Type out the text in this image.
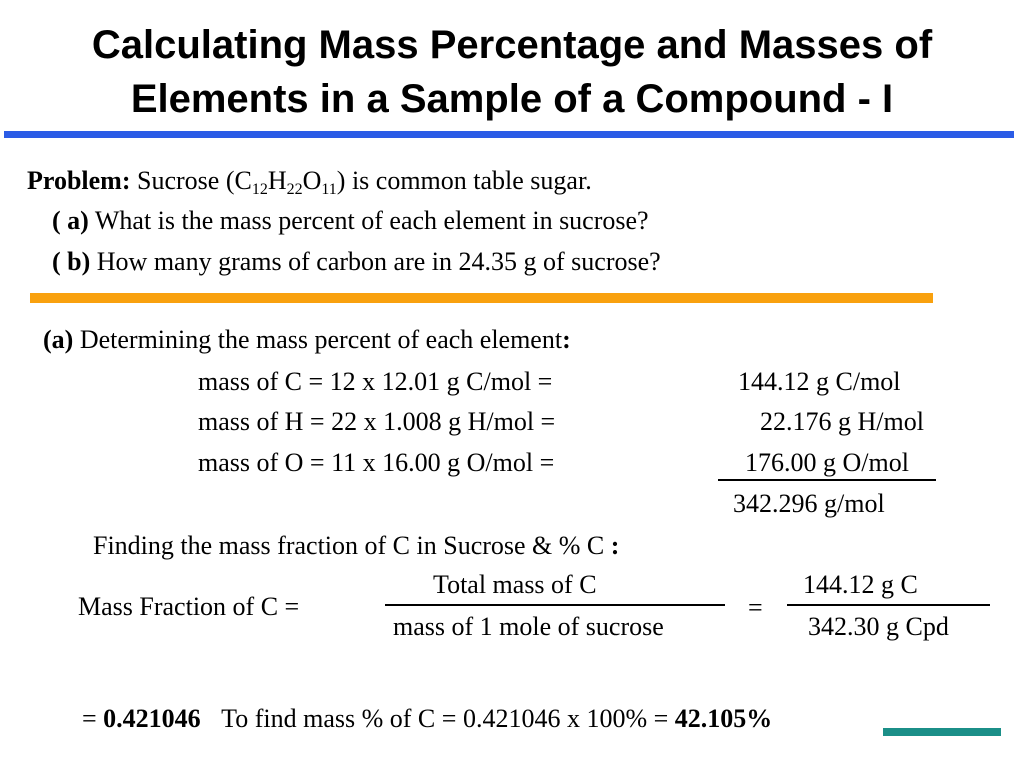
Calculating Mass Percentage and Masses of
Elements in a Sample of a Compound - I
Problem: Sucrose $(C_{12}H_{22}O_{11})$ is common table sugar.
( a) What is the mass percent of each element in sucrose?
( b) How many grams of carbon are in 24.35 g of sucrose?
(a) Determining the mass percent of each element:
mass of C = 12 x 12.01 g C/mol =	144.12 g C/mol
mass of H = 22 x 1.008 g H/mol =	22.176 g H/mol
mass of O = 11 x 16.00 g O/mol =	176.00 g O/mol
342.296 g/mol
Finding the mass fraction of C in Sucrose & % C :
Mass Fraction of C =
Total mass of C
mass of 1 mole of sucrose
=
144.12 g C
342.30 g Cpd
= 0.421046 To find mass % of C = 0.421046 x 100% = 42.105%
